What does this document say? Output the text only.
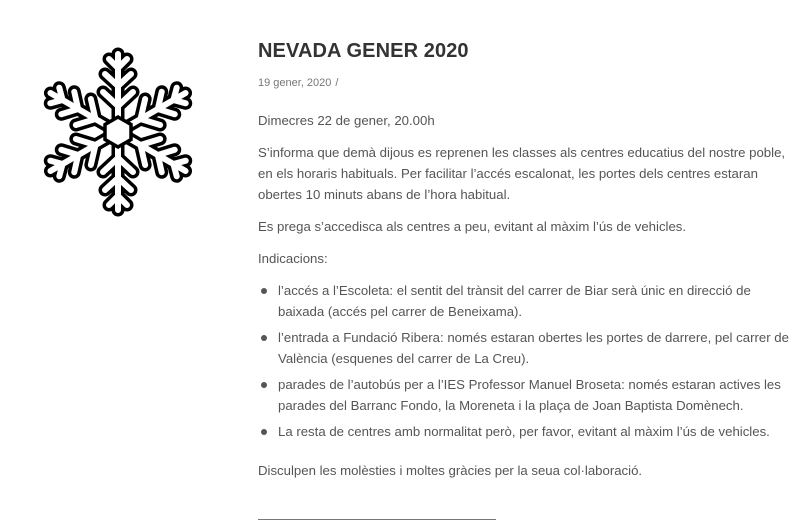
NEVADA GENER 2020
19 gener, 2020 /

Dimecres 22 de gener, 20.00h

S’informa que demà dijous es reprenen les classes als centres educatius del nostre poble, en els horaris habituals. Per facilitar l’accés escalonat, les portes dels centres estaran obertes 10 minuts abans de l’hora habitual.

Es prega s’accedisca als centres a peu, evitant al màxim l’ús de vehicles.

Indicacions:

l’accés a l’Escoleta: el sentit del trànsit del carrer de Biar serà únic en direcció de baixada (accés pel carrer de Beneixama).
l’entrada a Fundació Ribera: només estaran obertes les portes de darrere, pel carrer de València (esquenes del carrer de La Creu).
parades de l’autobús per a l’IES Professor Manuel Broseta: només estaran actives les parades del Barranc Fondo, la Moreneta i la plaça de Joan Baptista Domènech.
La resta de centres amb normalitat però, per favor, evitant al màxim l’ús de vehicles.

Disculpen les molèsties i moltes gràcies per la seua col·laboració.
